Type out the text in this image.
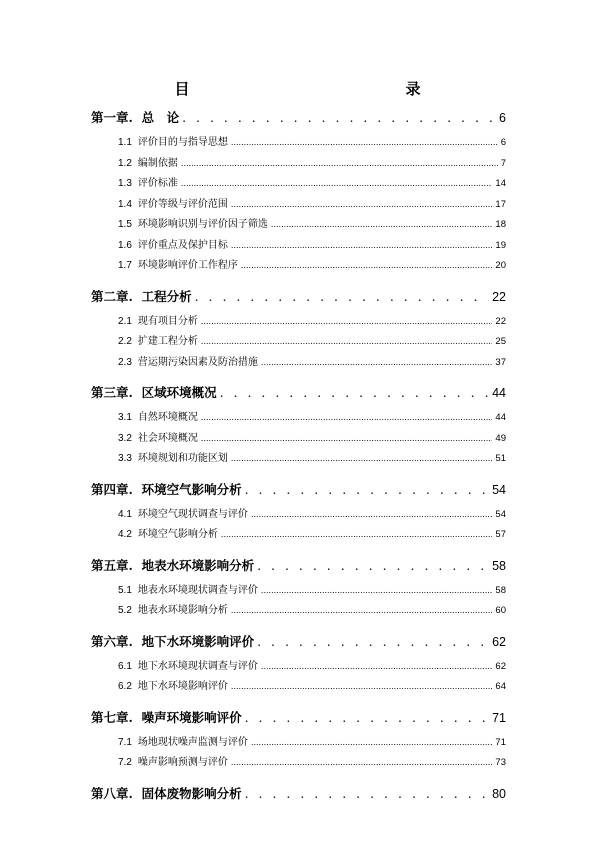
目　　录
第一章. 总　论 . . .	6
1.1 评价目的与指导思想 .....	6
1.2 编制依据 .....	7
1.3 评价标准 .....	14
1.4 评价等级与评价范围 .....	17
1.5 环境影响识别与评价因子筛选 .....	18
1.6 评价重点及保护目标 .....	19
1.7 环境影响评价工作程序 .....	20
第二章. 工程分析 . . .	22
2.1 现有项目分析 .....	22
2.2 扩建工程分析 .....	25
2.3 营运期污染因素及防治措施 .....	37
第三章. 区域环境概况 . . .	44
3.1 自然环境概况 .....	44
3.2 社会环境概况 .....	49
3.3 环境规划和功能区划 .....	51
第四章. 环境空气影响分析 . . .	54
4.1 环境空气现状调查与评价 .....	54
4.2 环境空气影响分析 .....	57
第五章. 地表水环境影响分析 . . .	58
5.1 地表水环境现状调查与评价 .....	58
5.2 地表水环境影响分析 .....	60
第六章. 地下水环境影响评价 . . .	62
6.1 地下水环境现状调查与评价 .....	62
6.2 地下水环境影响评价 .....	64
第七章. 噪声环境影响评价 . . .	71
7.1 场地现状噪声监测与评价 .....	71
7.2 噪声影响预测与评价 .....	73
第八章. 固体废物影响分析 . . .	80
